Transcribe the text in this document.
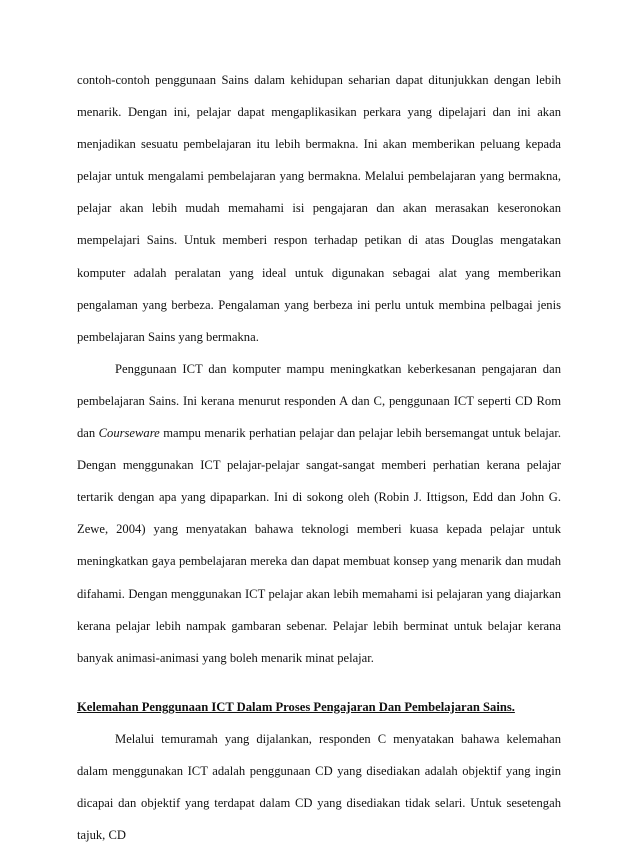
contoh-contoh penggunaan Sains dalam kehidupan seharian dapat ditunjukkan dengan lebih menarik. Dengan ini, pelajar dapat mengaplikasikan perkara yang dipelajari dan ini akan menjadikan sesuatu pembelajaran itu lebih bermakna. Ini akan memberikan peluang kepada pelajar untuk mengalami pembelajaran yang bermakna. Melalui pembelajaran yang bermakna, pelajar akan lebih mudah memahami isi pengajaran dan akan merasakan keseronokan mempelajari Sains. Untuk memberi respon terhadap petikan di atas Douglas mengatakan komputer adalah peralatan yang ideal untuk digunakan sebagai alat yang memberikan pengalaman yang berbeza. Pengalaman yang berbeza ini perlu untuk membina pelbagai jenis pembelajaran Sains yang bermakna.

Penggunaan ICT dan komputer mampu meningkatkan keberkesanan pengajaran dan pembelajaran Sains. Ini kerana menurut responden A dan C, penggunaan ICT seperti CD Rom dan Courseware mampu menarik perhatian pelajar dan pelajar lebih bersemangat untuk belajar. Dengan menggunakan ICT pelajar-pelajar sangat-sangat memberi perhatian kerana pelajar tertarik dengan apa yang dipaparkan. Ini di sokong oleh (Robin J. Ittigson, Edd dan John G. Zewe, 2004) yang menyatakan bahawa teknologi memberi kuasa kepada pelajar untuk meningkatkan gaya pembelajaran mereka dan dapat membuat konsep yang menarik dan mudah difahami. Dengan menggunakan ICT pelajar akan lebih memahami isi pelajaran yang diajarkan kerana pelajar lebih nampak gambaran sebenar. Pelajar lebih berminat untuk belajar kerana banyak animasi-animasi yang boleh menarik minat pelajar.

Kelemahan Penggunaan ICT Dalam Proses Pengajaran Dan Pembelajaran Sains.

Melalui temuramah yang dijalankan, responden C menyatakan bahawa kelemahan dalam menggunakan ICT adalah penggunaan CD yang disediakan adalah objektif yang ingin dicapai dan objektif yang terdapat dalam CD yang disediakan tidak selari. Untuk sesetengah tajuk, CD
